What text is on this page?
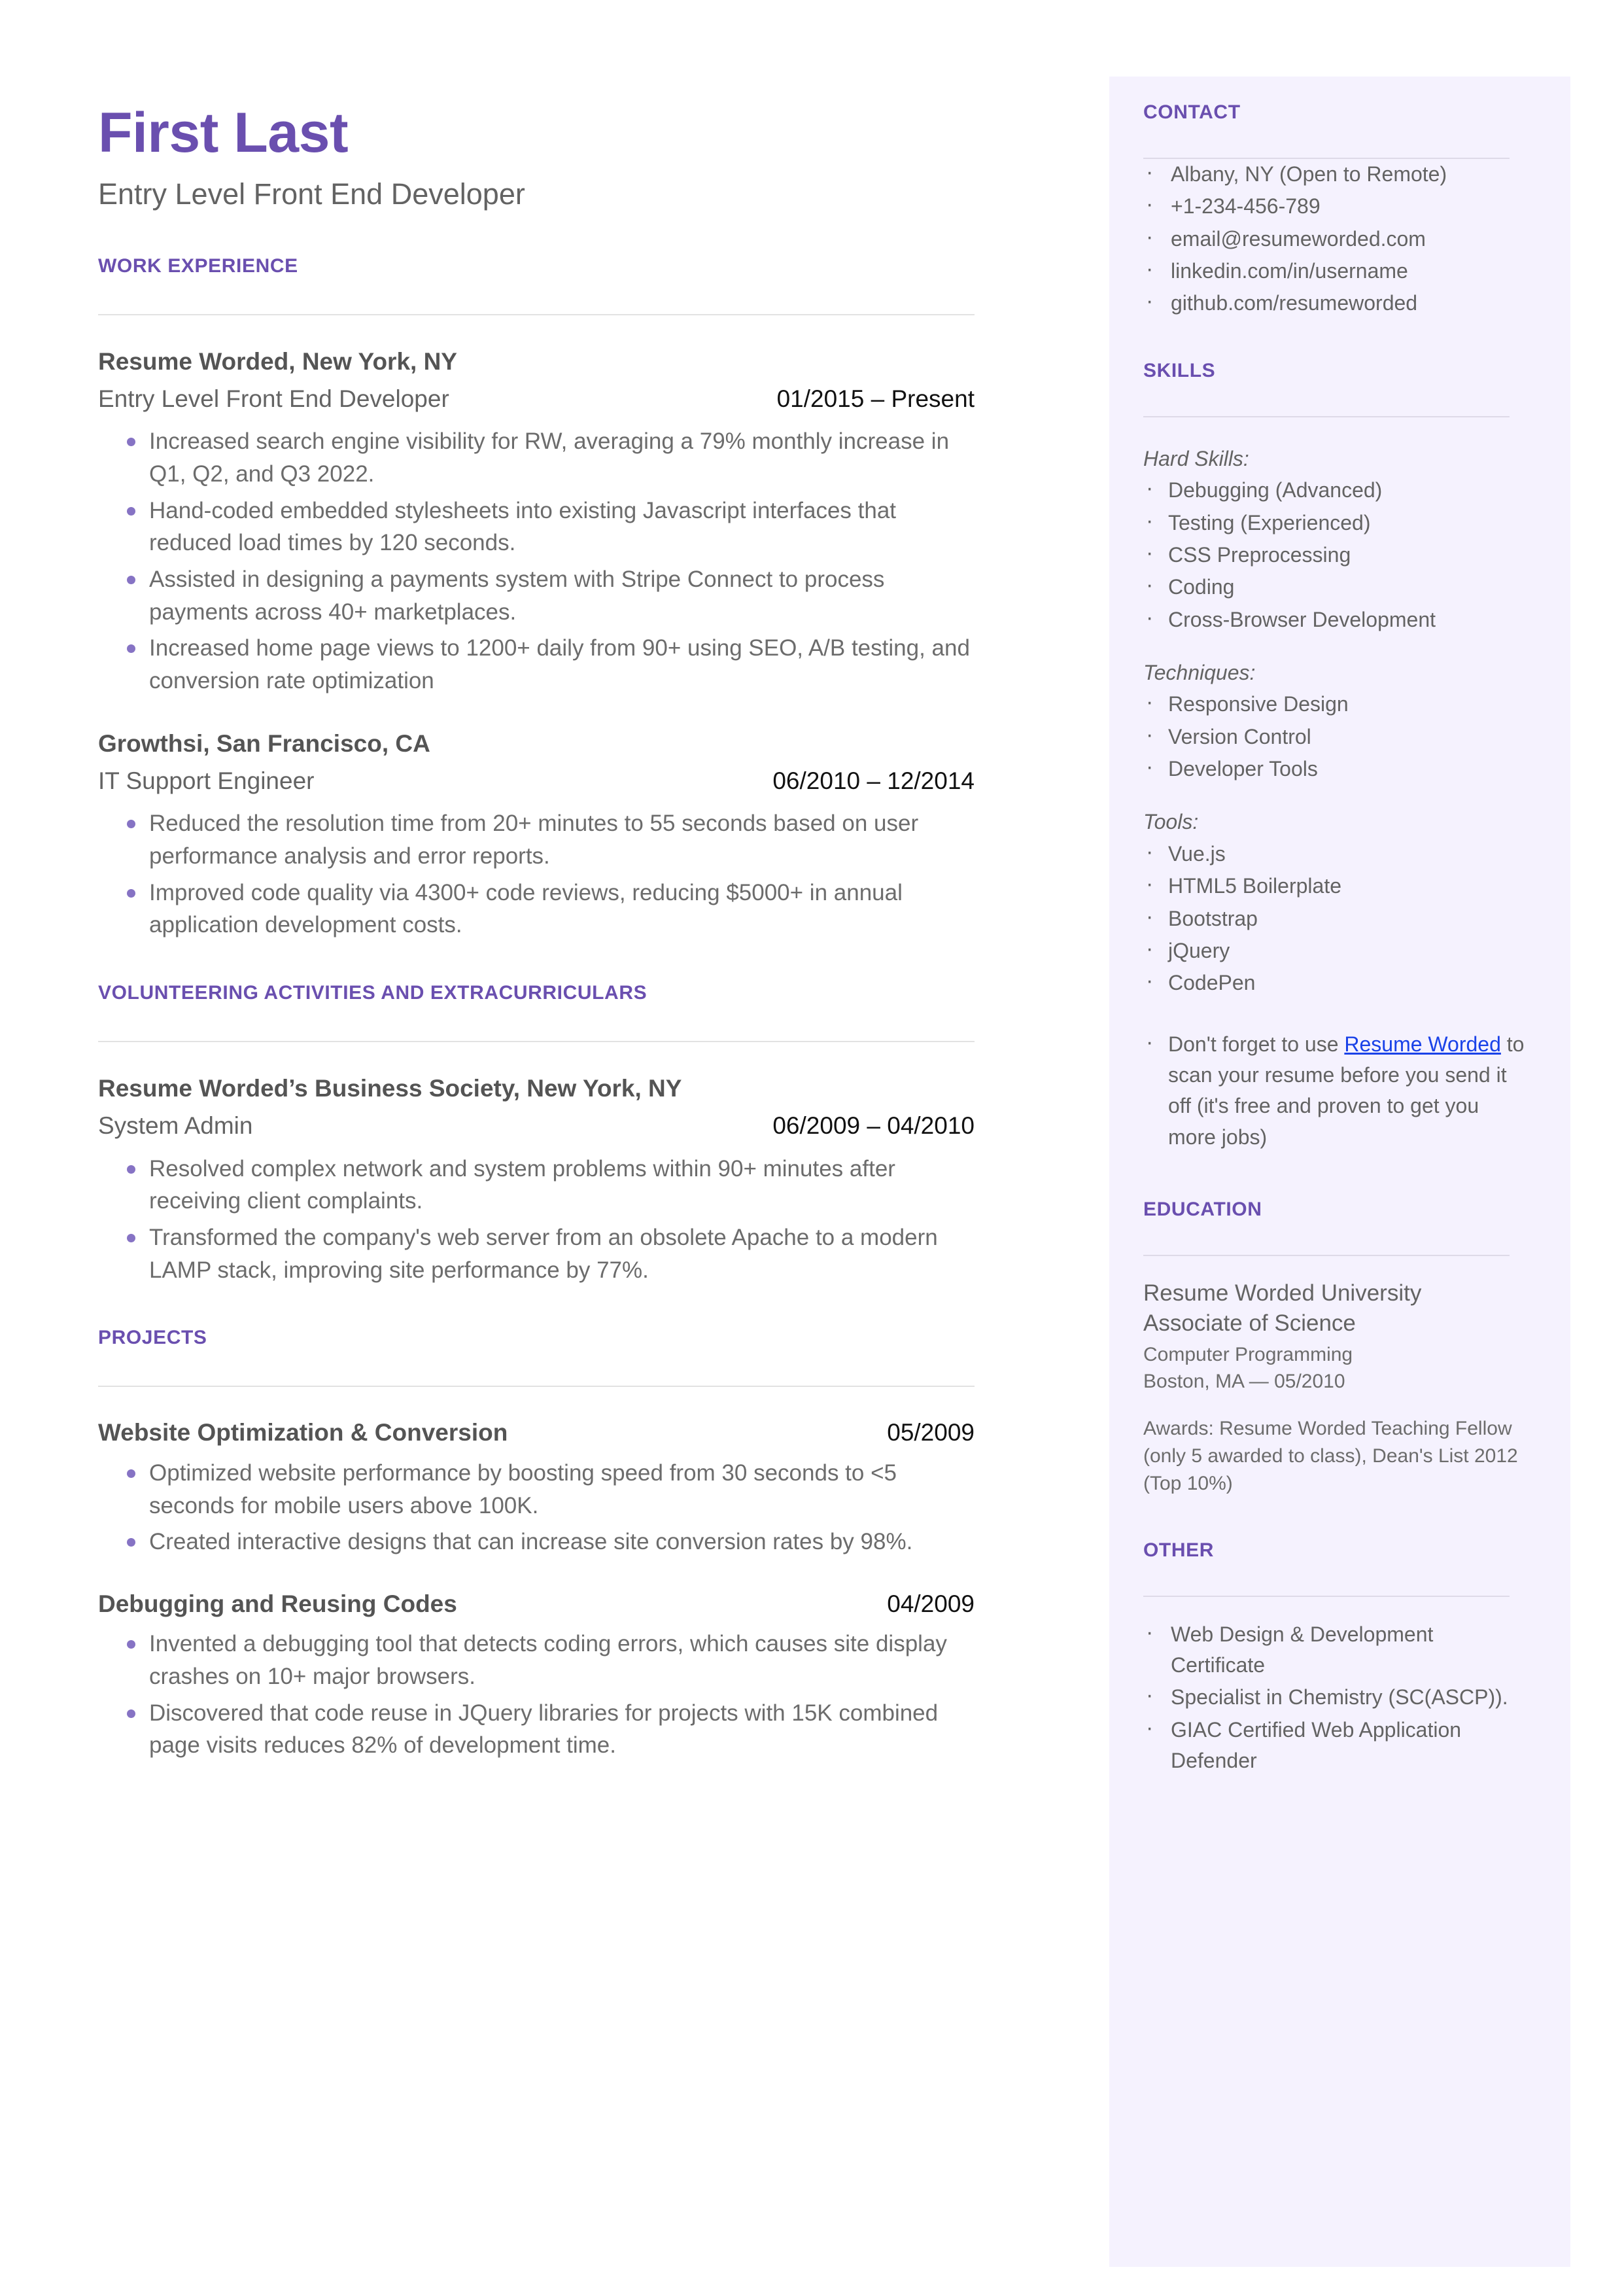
First Last
Entry Level Front End Developer
WORK EXPERIENCE
Resume Worded, New York, NY
Entry Level Front End Developer	01/2015 – Present
Increased search engine visibility for RW, averaging a 79% monthly increase in Q1, Q2, and Q3 2022.
Hand-coded embedded stylesheets into existing Javascript interfaces that reduced load times by 120 seconds.
Assisted in designing a payments system with Stripe Connect to process payments across 40+ marketplaces.
Increased home page views to 1200+ daily from 90+ using SEO, A/B testing, and conversion rate optimization
Growthsi, San Francisco, CA
IT Support Engineer	06/2010 – 12/2014
Reduced the resolution time from 20+ minutes to 55 seconds based on user performance analysis and error reports.
Improved code quality via 4300+ code reviews, reducing $5000+ in annual application development costs.
VOLUNTEERING ACTIVITIES AND EXTRACURRICULARS
Resume Worded’s Business Society, New York, NY
System Admin	06/2009 – 04/2010
Resolved complex network and system problems within 90+ minutes after receiving client complaints.
Transformed the company's web server from an obsolete Apache to a modern LAMP stack, improving site performance by 77%.
PROJECTS
Website Optimization & Conversion	05/2009
Optimized website performance by boosting speed from 30 seconds to <5 seconds for mobile users above 100K.
Created interactive designs that can increase site conversion rates by 98%.
Debugging and Reusing Codes	04/2009
Invented a debugging tool that detects coding errors, which causes site display crashes on 10+ major browsers.
Discovered that code reuse in JQuery libraries for projects with 15K combined page visits reduces 82% of development time.
CONTACT
· Albany, NY (Open to Remote)
· +1-234-456-789
· email@resumeworded.com
· linkedin.com/in/username
· github.com/resumeworded
SKILLS
Hard Skills:
· Debugging (Advanced)
· Testing (Experienced)
· CSS Preprocessing
· Coding
· Cross-Browser Development
Techniques:
· Responsive Design
· Version Control
· Developer Tools
Tools:
· Vue.js
· HTML5 Boilerplate
· Bootstrap
· jQuery
· CodePen

· Don't forget to use Resume Worded to scan your resume before you send it off (it's free and proven to get you more jobs)

EDUCATION
Resume Worded University
Associate of Science
Computer Programming
Boston, MA — 05/2010
Awards: Resume Worded Teaching Fellow (only 5 awarded to class), Dean's List 2012 (Top 10%)
OTHER
· Web Design & Development Certificate
· Specialist in Chemistry (SC(ASCP)).
· GIAC Certified Web Application Defender
